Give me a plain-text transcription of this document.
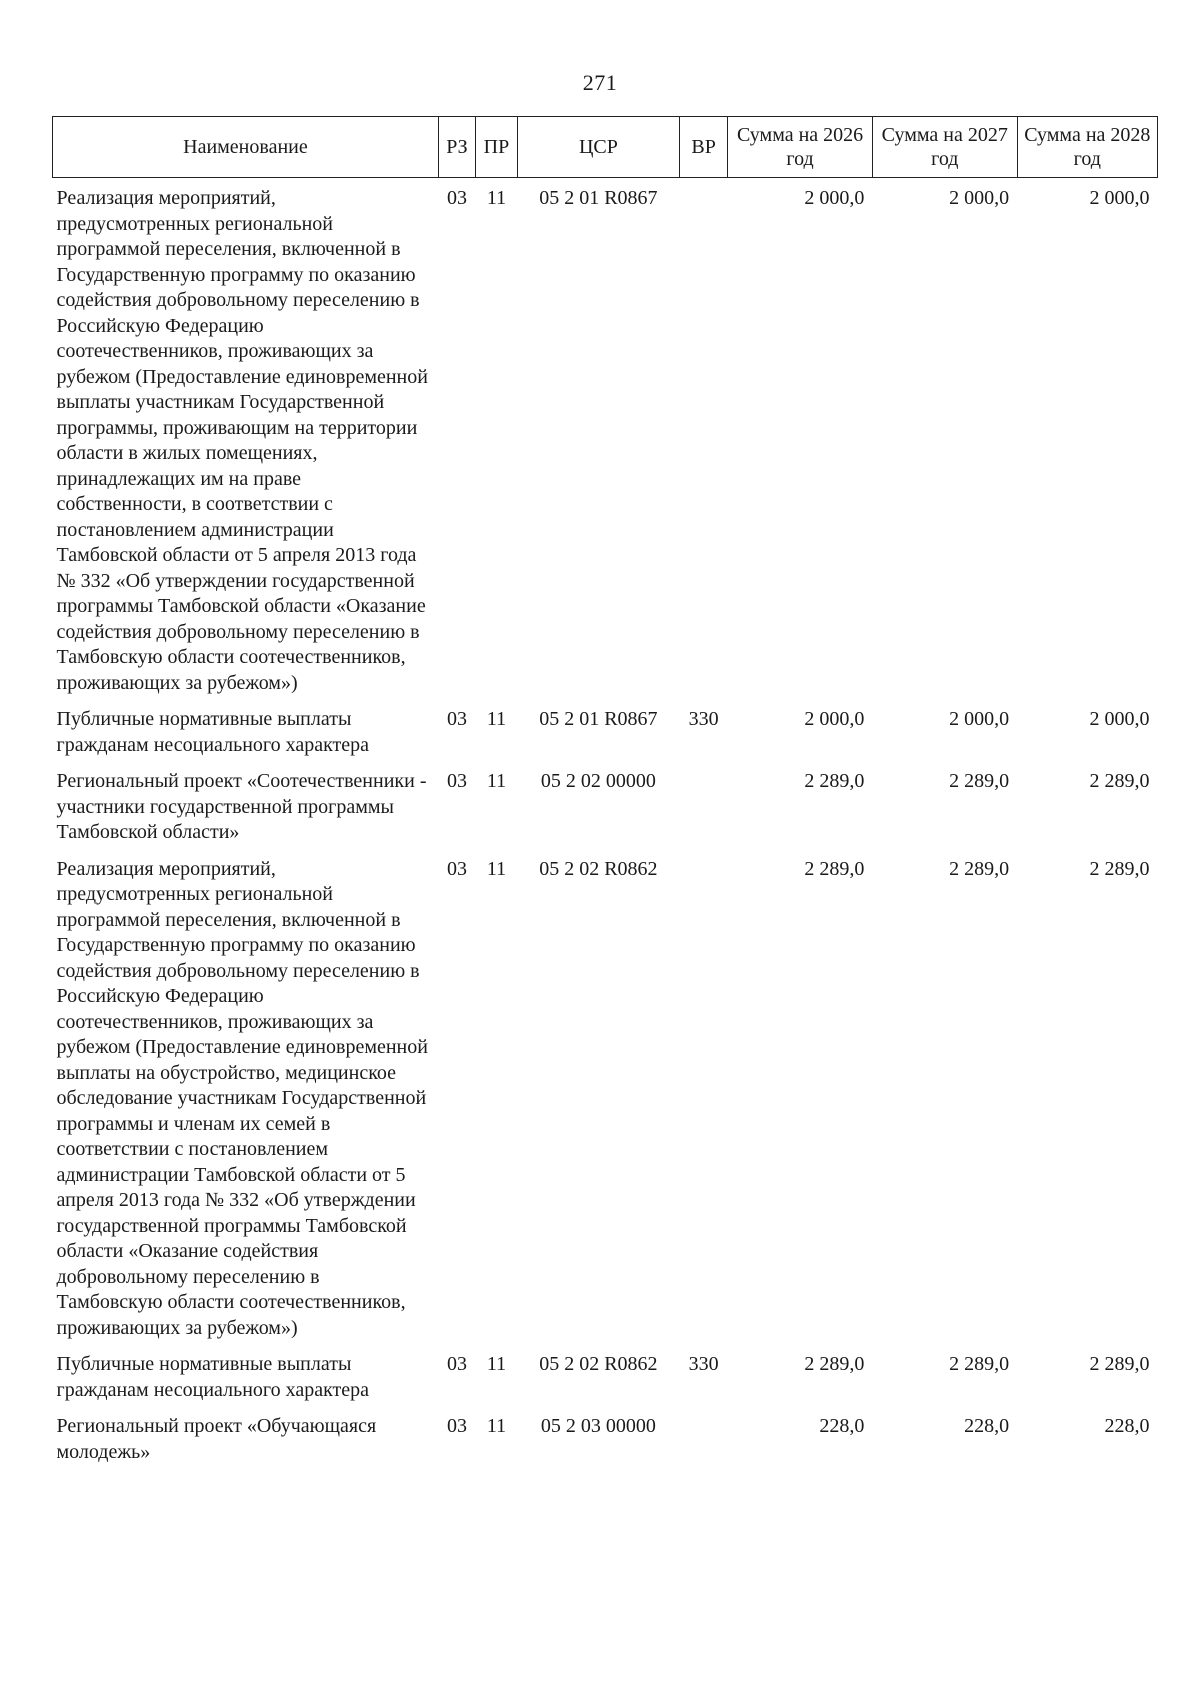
271
Наименование	РЗ	ПР	ЦСР	ВР	Сумма на 2026 год	Сумма на 2027 год	Сумма на 2028 год
Реализация мероприятий, предусмотренных региональной программой переселения, включенной в Государственную программу по оказанию содействия добровольному переселению в Российскую Федерацию соотечественников, проживающих за рубежом (Предоставление единовременной выплаты участникам Государственной программы, проживающим на территории области в жилых помещениях, принадлежащих им на праве собственности, в соответствии с постановлением администрации Тамбовской области от 5 апреля 2013 года № 332 «Об утверждении государственной программы Тамбовской области «Оказание содействия добровольному переселению в Тамбовскую области соотечественников, проживающих за рубежом»)	03	11	05 2 01 R0867		2 000,0	2 000,0	2 000,0
Публичные нормативные выплаты гражданам несоциального характера	03	11	05 2 01 R0867	330	2 000,0	2 000,0	2 000,0
Региональный проект «Соотечественники - участники государственной программы Тамбовской области»	03	11	05 2 02 00000		2 289,0	2 289,0	2 289,0
Реализация мероприятий, предусмотренных региональной программой переселения, включенной в Государственную программу по оказанию содействия добровольному переселению в Российскую Федерацию соотечественников, проживающих за рубежом (Предоставление единовременной выплаты на обустройство, медицинское обследование участникам Государственной программы и членам их семей в соответствии с постановлением администрации Тамбовской области от 5 апреля 2013 года № 332 «Об утверждении государственной программы Тамбовской области «Оказание содействия добровольному переселению в Тамбовскую области соотечественников, проживающих за рубежом»)	03	11	05 2 02 R0862		2 289,0	2 289,0	2 289,0
Публичные нормативные выплаты гражданам несоциального характера	03	11	05 2 02 R0862	330	2 289,0	2 289,0	2 289,0
Региональный проект «Обучающаяся молодежь»	03	11	05 2 03 00000		228,0	228,0	228,0
